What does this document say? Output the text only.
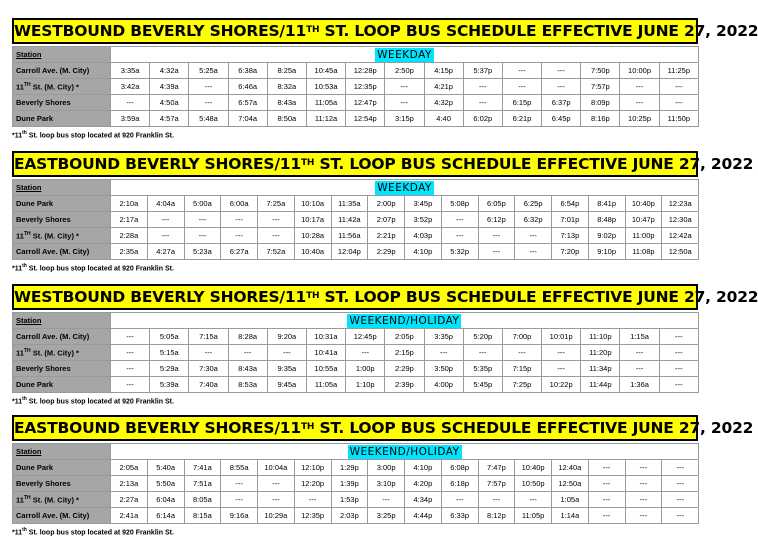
WESTBOUND BEVERLY SHORES/11TH ST. LOOP BUS SCHEDULE EFFECTIVE JUNE 27, 2022
Station	WEEKDAY														
Carroll Ave. (M. City)	3:35a	4:32a	5:25a	6:38a	8:25a	10:45a	12:28p	2:50p	4:15p	5:37p	---	---	7:50p	10:00p	11:25p
11TH St. (M. City) *	3:42a	4:39a	---	6:46a	8:32a	10:53a	12:35p	---	4:21p	---	---	---	7:57p	---	---
Beverly Shores	---	4:50a	---	6:57a	8:43a	11:05a	12:47p	---	4:32p	---	6:15p	6:37p	8:09p	---	---
Dune Park	3:59a	4:57a	5:48a	7:04a	8:50a	11:12a	12:54p	3:15p	4:40	6:02p	6:21p	6:45p	8:16p	10:25p	11:50p
*11th St. loop bus stop located at 920 Franklin St.
EASTBOUND BEVERLY SHORES/11TH ST. LOOP BUS SCHEDULE EFFECTIVE JUNE 27, 2022
Station	WEEKDAY															
Dune Park	2:10a	4:04a	5:00a	6:00a	7:25a	10:10a	11:35a	2:00p	3:45p	5:08p	6:05p	6:25p	6:54p	8:41p	10:40p	12:23a
Beverly Shores	2:17a	---	---	---	---	10:17a	11:42a	2:07p	3:52p	---	6:12p	6:32p	7:01p	8:48p	10:47p	12:30a
11TH St. (M. City) *	2:28a	---	---	---	---	10:28a	11:56a	2:21p	4:03p	---	---	---	7:13p	9:02p	11:00p	12:42a
Carroll Ave. (M. City)	2:35a	4:27a	5:23a	6:27a	7:52a	10:40a	12:04p	2:29p	4:10p	5:32p	---	---	7:20p	9:10p	11:08p	12:50a
*11th St. loop bus stop located at 920 Franklin St.
WESTBOUND BEVERLY SHORES/11TH ST. LOOP BUS SCHEDULE EFFECTIVE JUNE 27, 2022
Station	WEEKEND/HOLIDAY														
Carroll Ave. (M. City)	---	5:05a	7:15a	8:28a	9:20a	10:31a	12:45p	2:05p	3:35p	5:20p	7:00p	10:01p	11:10p	1:15a	---
11TH St. (M. City) *	---	5:15a	---	---	---	10:41a	---	2:15p	---	---	---	---	11:20p	---	---
Beverly Shores	---	5:29a	7:30a	8:43a	9:35a	10:55a	1:00p	2:29p	3:50p	5:35p	7:15p	---	11:34p	---	---
Dune Park	---	5:39a	7:40a	8:53a	9:45a	11:05a	1:10p	2:39p	4:00p	5:45p	7:25p	10:22p	11:44p	1:36a	---
*11th St. loop bus stop located at 920 Franklin St.
EASTBOUND BEVERLY SHORES/11TH ST. LOOP BUS SCHEDULE EFFECTIVE JUNE 27, 2022
Station	WEEKEND/HOLIDAY															
Dune Park	2:05a	5:40a	7:41a	8:55a	10:04a	12:10p	1:29p	3:00p	4:10p	6:08p	7:47p	10:40p	12:40a	---	---	---
Beverly Shores	2:13a	5:50a	7:51a	---	---	12:20p	1:39p	3:10p	4:20p	6:18p	7:57p	10:50p	12:50a	---	---	---
11TH St. (M. City) *	2:27a	6:04a	8:05a	---	---	---	1:53p	---	4:34p	---	---	---	1:05a	---	---	---
Carroll Ave. (M. City)	2:41a	6:14a	8:15a	9:16a	10:29a	12:35p	2:03p	3:25p	4:44p	6:33p	8:12p	11:05p	1:14a	---	---	---
*11th St. loop bus stop located at 920 Franklin St.
